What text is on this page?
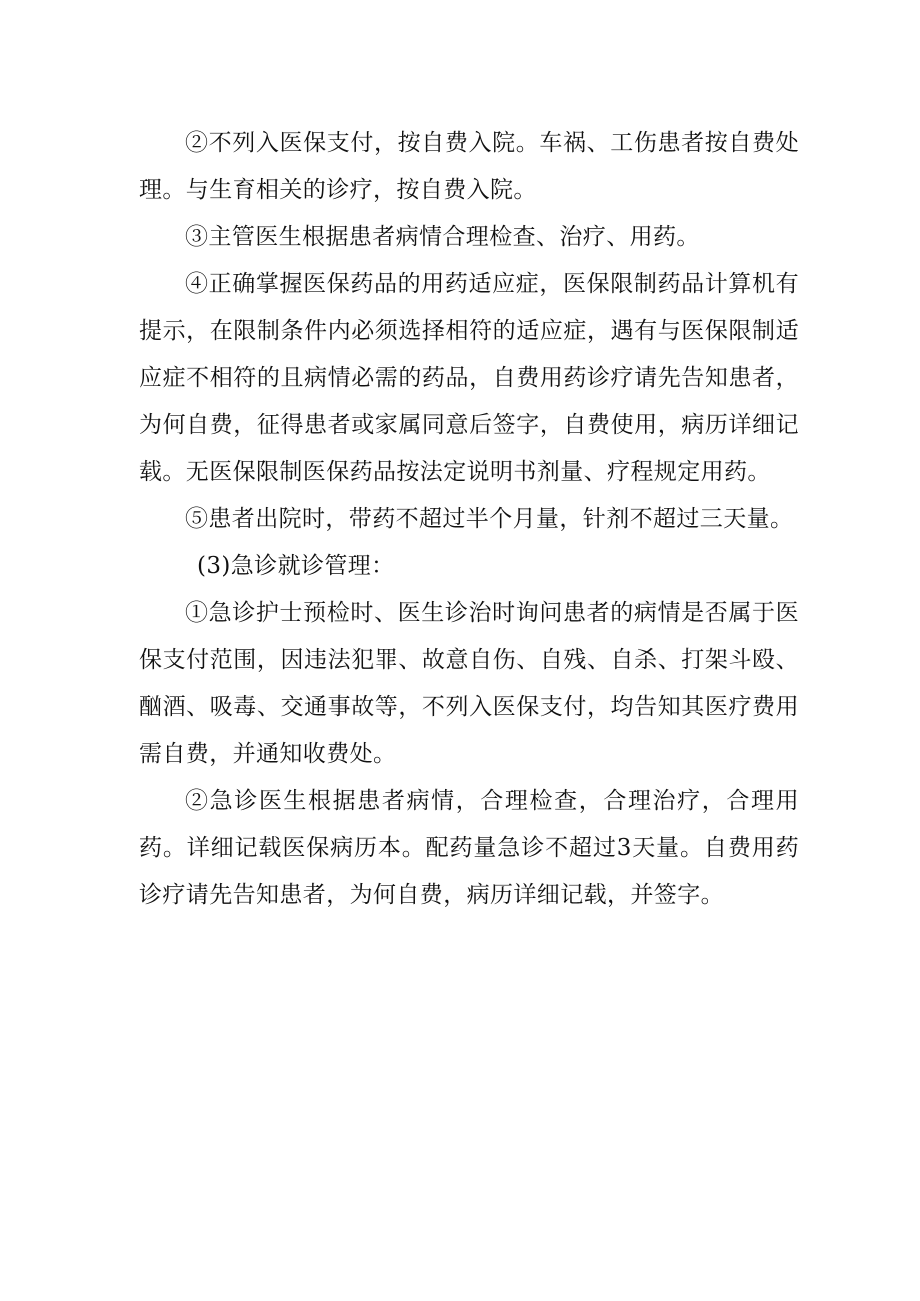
②不列入医保支付，按自费入院。车祸、工伤患者按自费处理。与生育相关的诊疗，按自费入院。

③主管医生根据患者病情合理检查、治疗、用药。

④正确掌握医保药品的用药适应症，医保限制药品计算机有提示，在限制条件内必须选择相符的适应症，遇有与医保限制适应症不相符的且病情必需的药品，自费用药诊疗请先告知患者，为何自费，征得患者或家属同意后签字，自费使用，病历详细记载。无医保限制医保药品按法定说明书剂量、疗程规定用药。

⑤患者出院时，带药不超过半个月量，针剂不超过三天量。

(3)急诊就诊管理：

①急诊护士预检时、医生诊治时询问患者的病情是否属于医保支付范围，因违法犯罪、故意自伤、自残、自杀、打架斗殴、酗酒、吸毒、交通事故等，不列入医保支付，均告知其医疗费用需自费，并通知收费处。

②急诊医生根据患者病情，合理检查，合理治疗，合理用药。详细记载医保病历本。配药量急诊不超过3天量。自费用药诊疗请先告知患者，为何自费，病历详细记载，并签字。
